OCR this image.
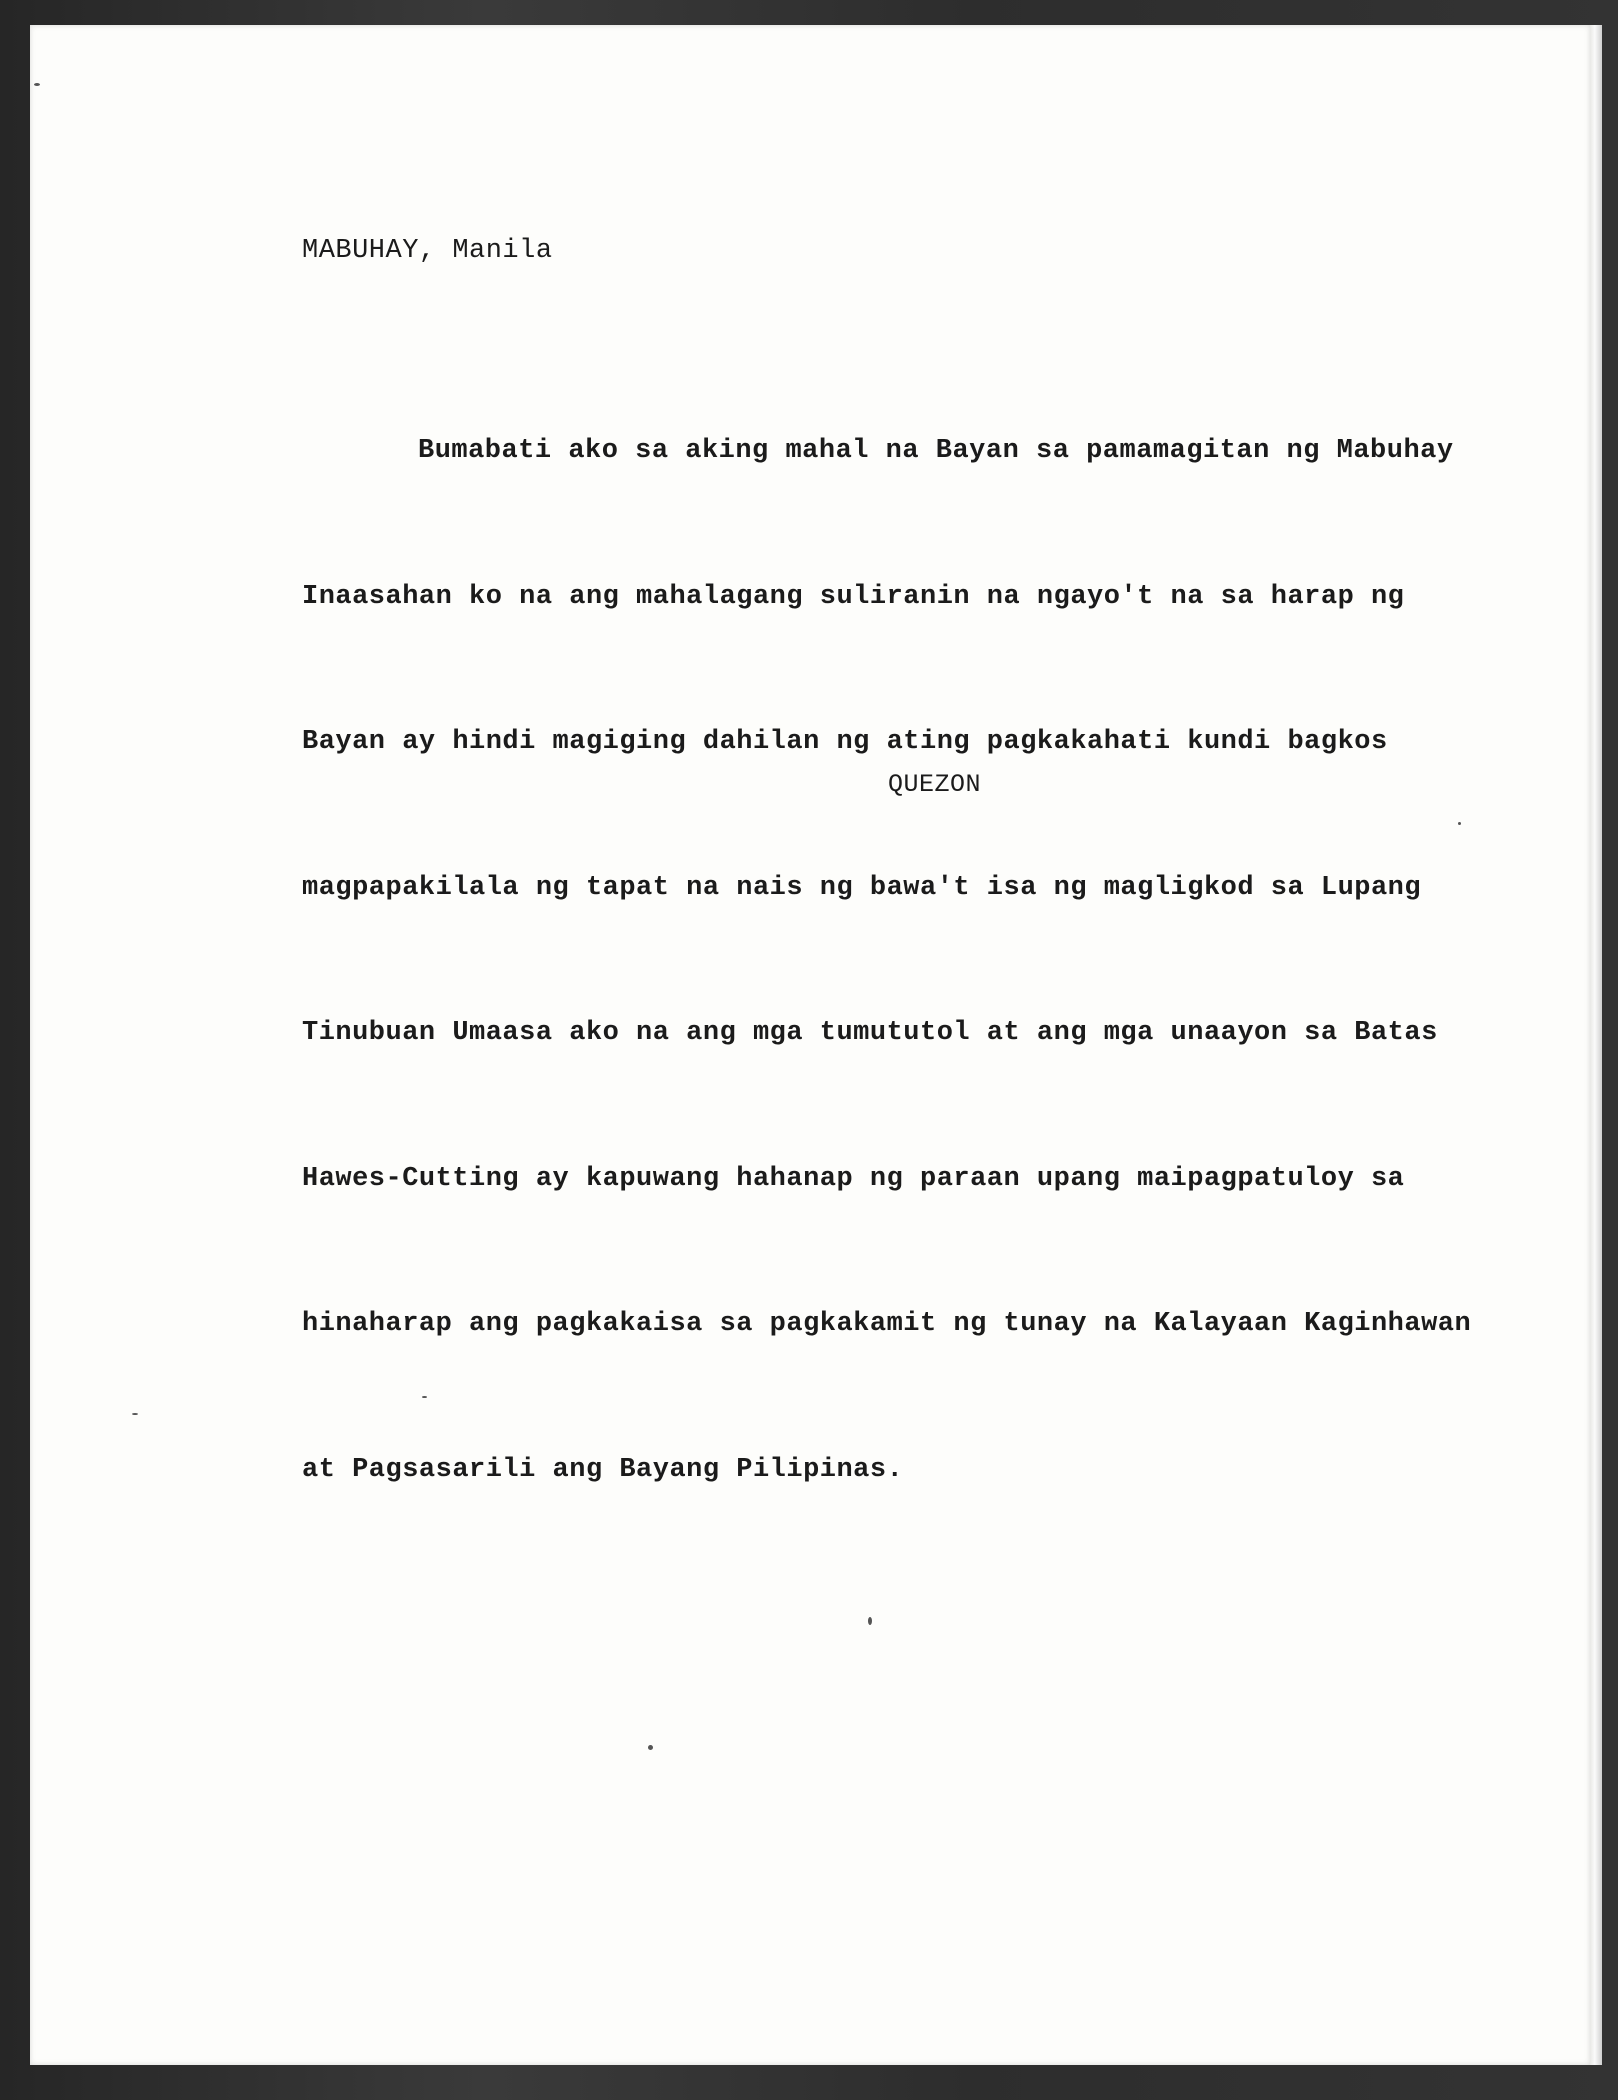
MABUHAY, Manila

Bumabati ako sa aking mahal na Bayan sa pamamagitan ng Mabuhay

Inaasahan ko na ang mahalagang suliranin na ngayo't na sa harap ng

Bayan ay hindi magiging dahilan ng ating pagkakahati kundi bagkos

magpapakilala ng tapat na nais ng bawa't isa ng magligkod sa Lupang

Tinubuan Umaasa ako na ang mga tumututol at ang mga unaayon sa Batas

Hawes-Cutting ay kapuwang hahanap ng paraan upang maipagpatuloy sa

hinaharap ang pagkakaisa sa pagkakamit ng tunay na Kalayaan Kaginhawan

at Pagsasarili ang Bayang Pilipinas.

QUEZON
